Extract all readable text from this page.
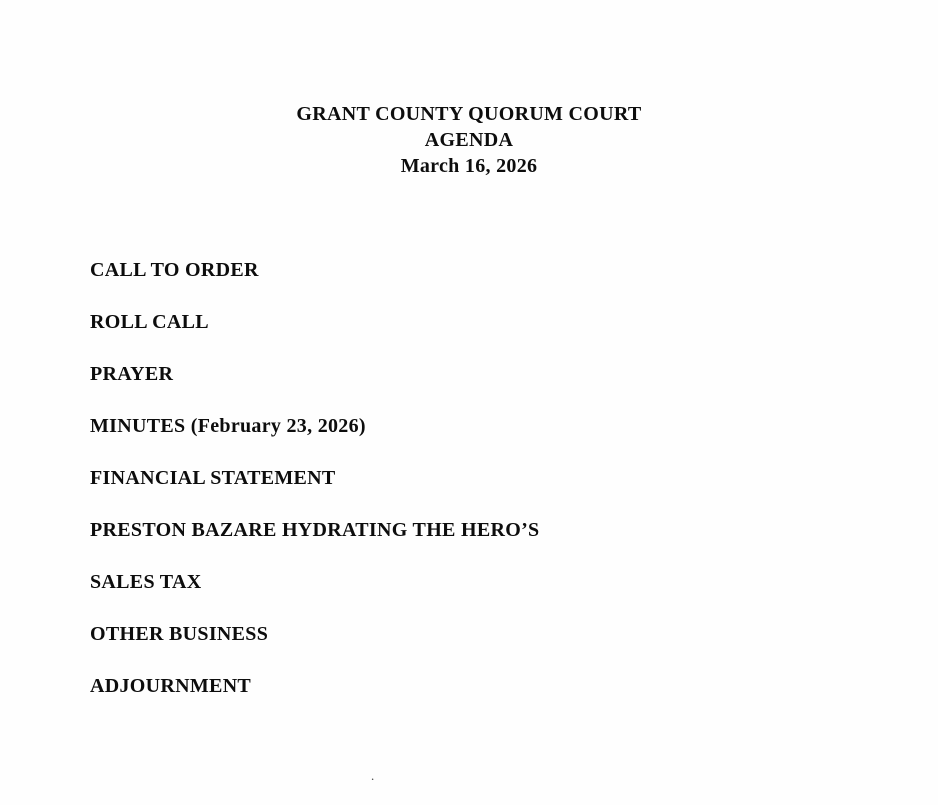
GRANT COUNTY QUORUM COURT
AGENDA
March 16, 2026
CALL TO ORDER
ROLL CALL
PRAYER
MINUTES (February 23, 2026)
FINANCIAL STATEMENT
PRESTON BAZARE HYDRATING THE HERO’S
SALES TAX
OTHER BUSINESS
ADJOURNMENT
.
